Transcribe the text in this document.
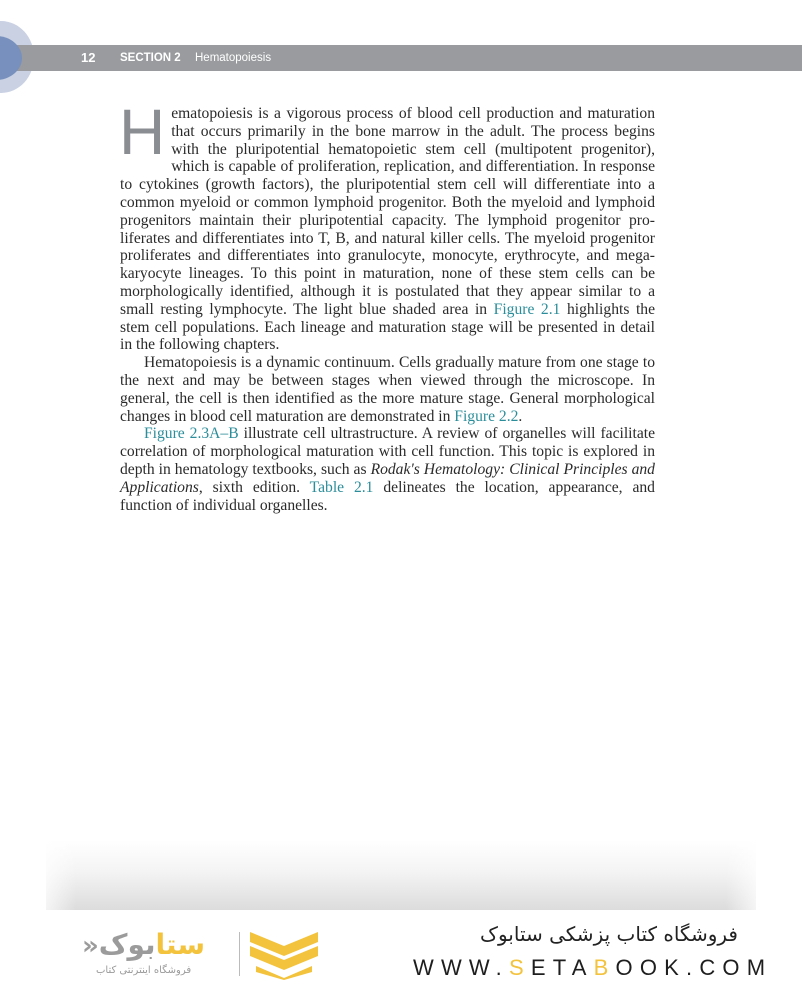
12 SECTION 2 Hematopoiesis

Hematopoiesis is a vigorous process of blood cell production and maturation that occurs primarily in the bone marrow in the adult. The process begins with the pluripotential hematopoietic stem cell (multipotent progenitor), which is capable of proliferation, replication, and differentiation. In response to cytokines (growth factors), the pluripotential stem cell will differentiate into a common myeloid or common lymphoid progenitor. Both the myeloid and lymphoid progenitors maintain their pluripotential capacity. The lymphoid progenitor proliferates and differentiates into T, B, and natural killer cells. The myeloid progenitor proliferates and differentiates into granulocyte, monocyte, erythrocyte, and megakaryocyte lineages. To this point in maturation, none of these stem cells can be morphologically identified, although it is postulated that they appear similar to a small resting lymphocyte. The light blue shaded area in Figure 2.1 highlights the stem cell populations. Each lineage and maturation stage will be presented in detail in the following chapters.

Hematopoiesis is a dynamic continuum. Cells gradually mature from one stage to the next and may be between stages when viewed through the microscope. In general, the cell is then identified as the more mature stage. General morphological changes in blood cell maturation are demonstrated in Figure 2.2.

Figure 2.3A–B illustrate cell ultrastructure. A review of organelles will facilitate correlation of morphological maturation with cell function. This topic is explored in depth in hematology textbooks, such as Rodak's Hematology: Clinical Principles and Applications, sixth edition. Table 2.1 delineates the location, appearance, and function of individual organelles.

ستابوک«
فروشگاه اینترنتی کتاب
فروشگاه کتاب پزشکی ستابوک
WWW.SETABOOK.COM
